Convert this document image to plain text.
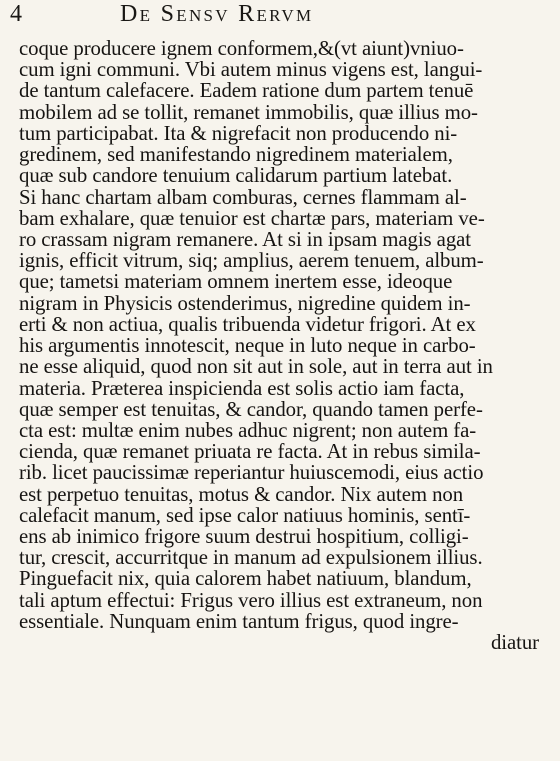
4	De Sensv Rervm
coque producere ignem conformem,&(vt aiunt)vniuo-
cum igni communi. Vbi autem minus vigens est, langui-
de tantum calefacere. Eadem ratione dum partem tenuē
mobilem ad se tollit, remanet immobilis, quæ illius mo-
tum participabat. Ita & nigrefacit non producendo ni-
gredinem, sed manifestando nigredinem materialem,
quæ sub candore tenuium calidarum partium latebat.
Si hanc chartam albam comburas, cernes flammam al-
bam exhalare, quæ tenuior est chartæ pars, materiam ve-
ro crassam nigram remanere. At si in ipsam magis agat
ignis, efficit vitrum, siq; amplius, aerem tenuem, album-
que; tametsi materiam omnem inertem esse, ideoque
nigram in Physicis ostenderimus, nigredine quidem in-
erti & non actiua, qualis tribuenda videtur frigori. At ex
his argumentis innotescit, neque in luto neque in carbo-
ne esse aliquid, quod non sit aut in sole, aut in terra aut in
materia. Præterea inspicienda est solis actio iam facta,
quæ semper est tenuitas, & candor, quando tamen perfe-
cta est: multæ enim nubes adhuc nigrent; non autem fa-
cienda, quæ remanet priuata re facta. At in rebus simila-
rib. licet paucissimæ reperiantur huiuscemodi, eius actio
est perpetuo tenuitas, motus & candor. Nix autem non
calefacit manum, sed ipse calor natiuus hominis, sentī-
ens ab inimico frigore suum destrui hospitium, colligi-
tur, crescit, accurritque in manum ad expulsionem illius.
Pinguefacit nix, quia calorem habet natiuum, blandum,
tali aptum effectui: Frigus vero illius est extraneum, non
essentiale. Nunquam enim tantum frigus, quod ingre-
diatur
